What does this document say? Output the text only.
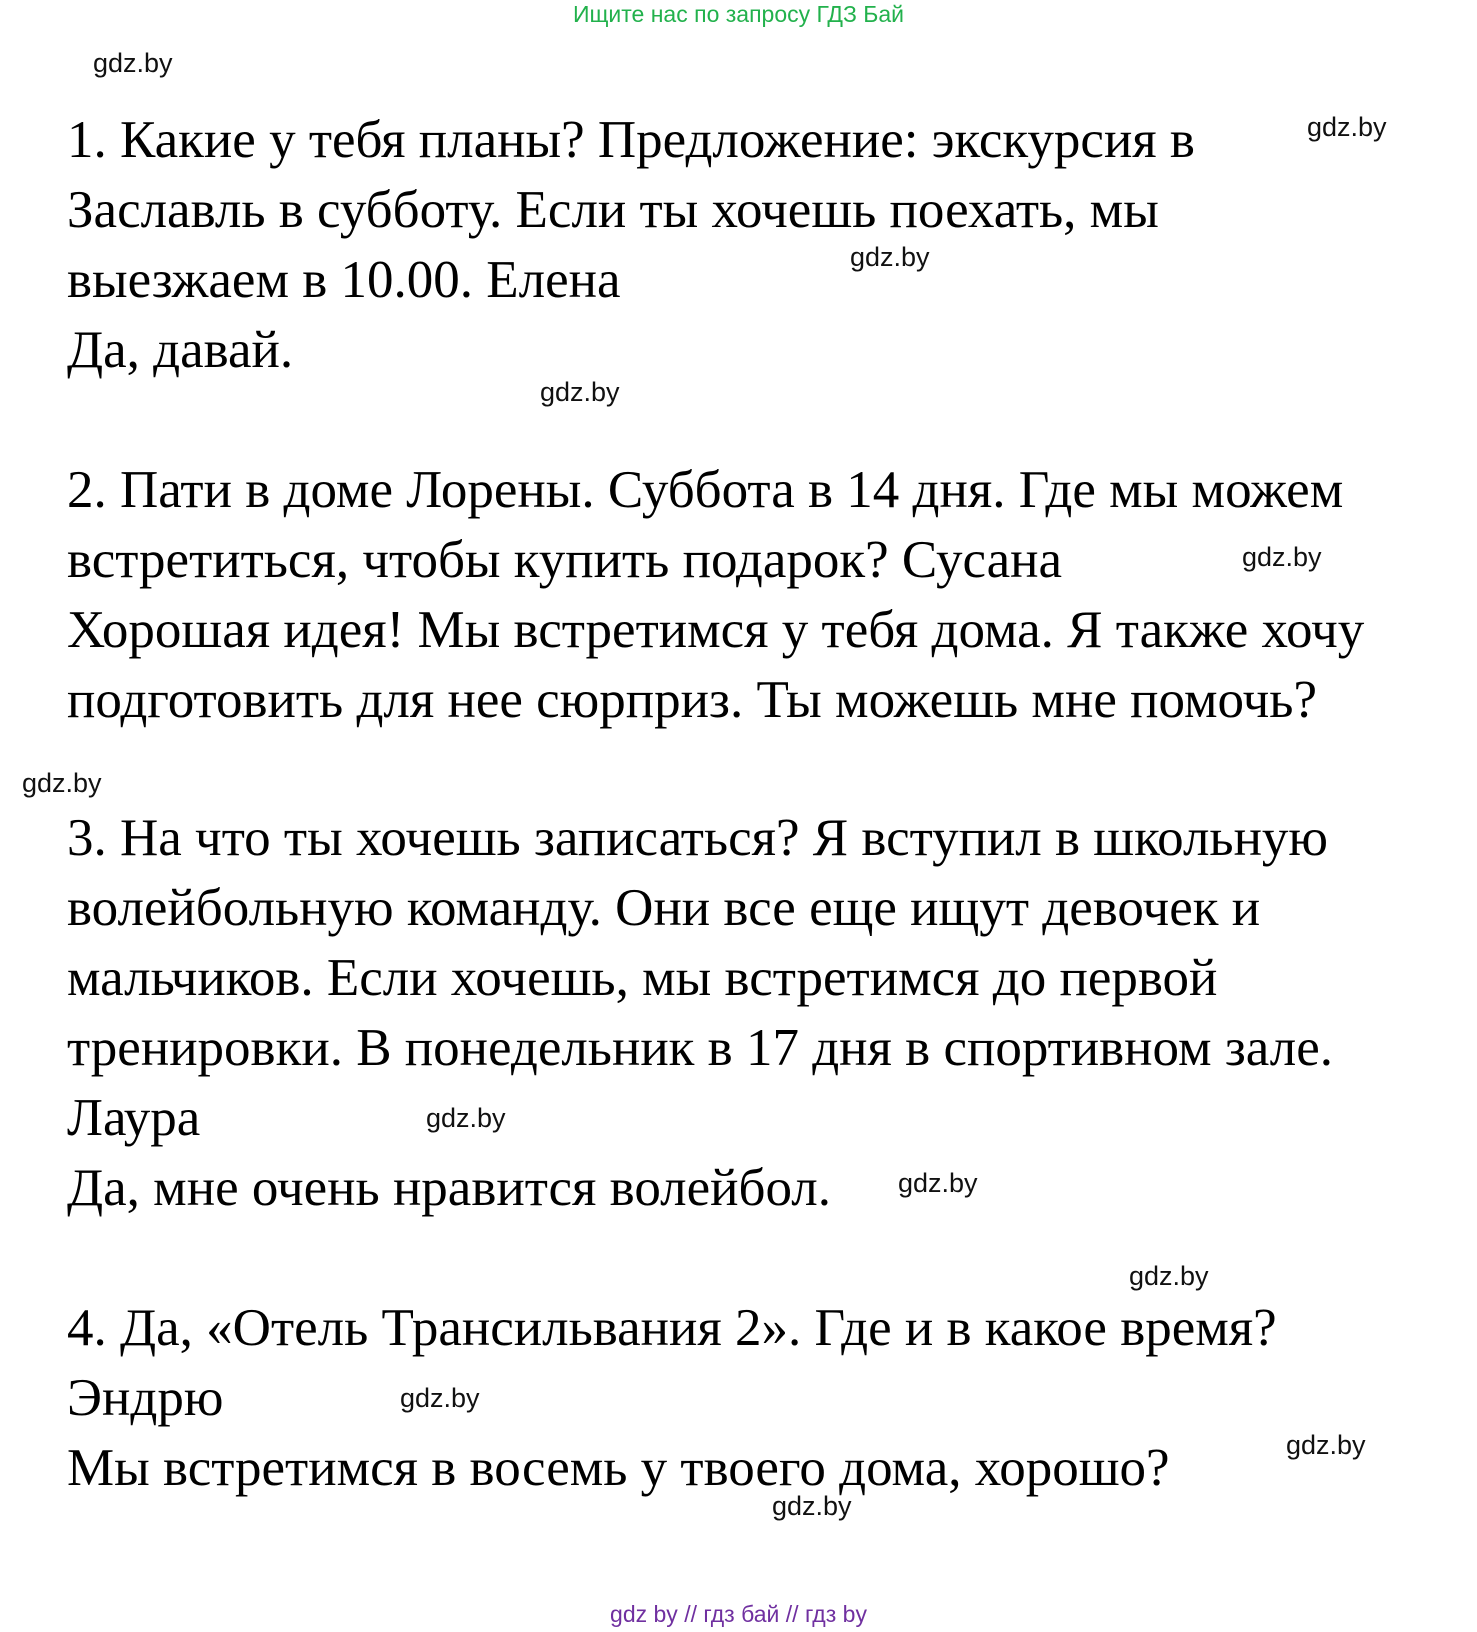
Ищите нас по запросу ГДЗ Бай
gdz.by
gdz.by
gdz.by
gdz.by
gdz.by
gdz.by
gdz.by
gdz.by
gdz.by
gdz.by
gdz.by
gdz.by
1. Какие у тебя планы? Предложение: экскурсия в
Заславль в субботу. Если ты хочешь поехать, мы
выезжаем в 10.00. Елена
Да, давай.
2. Пати в доме Лорены. Суббота в 14 дня. Где мы можем
встретиться, чтобы купить подарок? Сусана
Хорошая идея! Мы встретимся у тебя дома. Я также хочу
подготовить для нее сюрприз. Ты можешь мне помочь?
3. На что ты хочешь записаться? Я вступил в школьную
волейбольную команду. Они все еще ищут девочек и
мальчиков. Если хочешь, мы встретимся до первой
тренировки. В понедельник в 17 дня в спортивном зале.
Лаура
Да, мне очень нравится волейбол.
4. Да, «Отель Трансильвания 2». Где и в какое время?
Эндрю
Мы встретимся в восемь у твоего дома, хорошо?
gdz by // гдз бай // гдз by
